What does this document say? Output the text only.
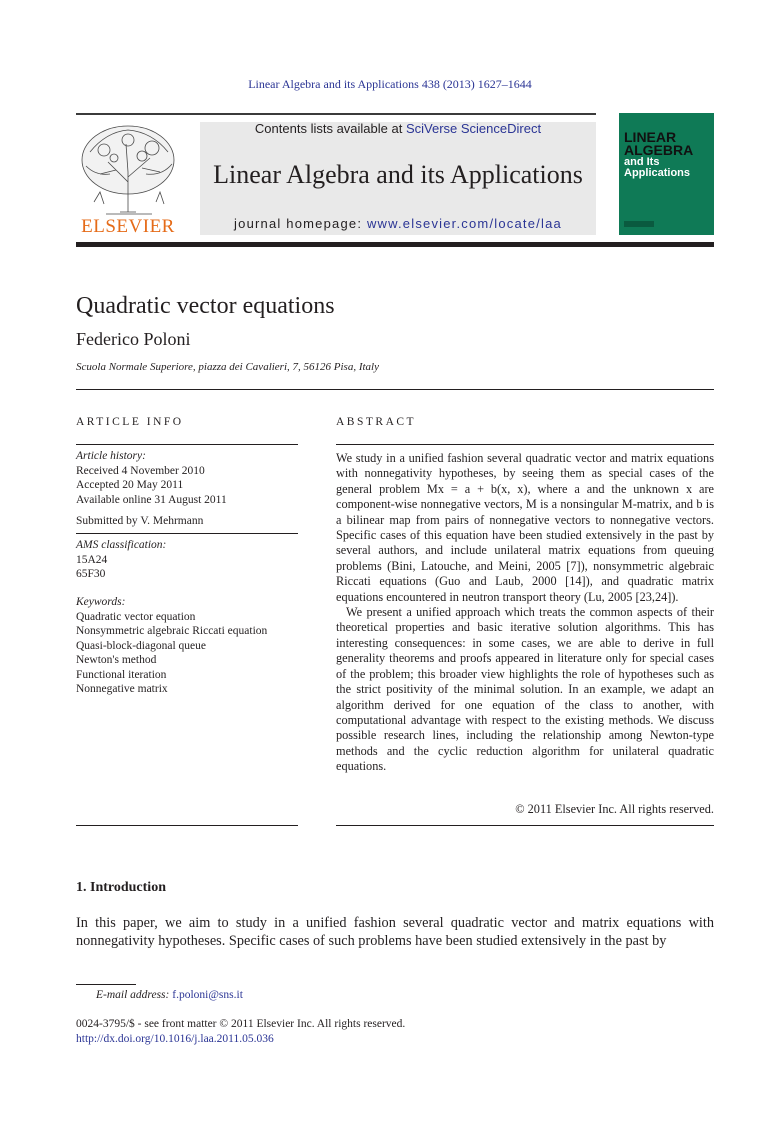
Linear Algebra and its Applications 438 (2013) 1627–1644
ELSEVIER
Contents lists available at SciVerse ScienceDirect
Linear Algebra and its Applications
journal homepage: www.elsevier.com/locate/laa
LINEAR
ALGEBRA
and Its
Applications
Quadratic vector equations
Federico Poloni
Scuola Normale Superiore, piazza dei Cavalieri, 7, 56126 Pisa, Italy
ARTICLE INFO
Article history:
Received 4 November 2010
Accepted 20 May 2011
Available online 31 August 2011
Submitted by V. Mehrmann
AMS classification:
15A24
65F30
Keywords:
Quadratic vector equation
Nonsymmetric algebraic Riccati equation
Quasi-block-diagonal queue
Newton's method
Functional iteration
Nonnegative matrix
ABSTRACT

We study in a unified fashion several quadratic vector and matrix equations with nonnegativity hypotheses, by seeing them as special cases of the general problem Mx = a + b(x, x), where a and the unknown x are component-wise nonnegative vectors, M is a nonsingular M-matrix, and b is a bilinear map from pairs of nonnegative vectors to nonnegative vectors. Specific cases of this equation have been studied extensively in the past by several authors, and include unilateral matrix equations from queuing problems (Bini, Latouche, and Meini, 2005 [7]), nonsymmetric algebraic Riccati equations (Guo and Laub, 2000 [14]), and quadratic matrix equations encountered in neutron transport theory (Lu, 2005 [23,24]).

We present a unified approach which treats the common aspects of their theoretical properties and basic iterative solution algorithms. This has interesting consequences: in some cases, we are able to derive in full generality theorems and proofs appeared in literature only for special cases of the problem; this broader view highlights the role of hypotheses such as the strict positivity of the minimal solution. In an example, we adapt an algorithm derived for one equation of the class to another, with computational advantage with respect to the existing methods. We discuss possible research lines, including the relationship among Newton-type methods and the cyclic reduction algorithm for unilateral quadratic equations.

© 2011 Elsevier Inc. All rights reserved.
1. Introduction
In this paper, we aim to study in a unified fashion several quadratic vector and matrix equations with nonnegativity hypotheses. Specific cases of such problems have been studied extensively in the past by
E-mail address: f.poloni@sns.it
0024-3795/$ - see front matter © 2011 Elsevier Inc. All rights reserved.
http://dx.doi.org/10.1016/j.laa.2011.05.036
